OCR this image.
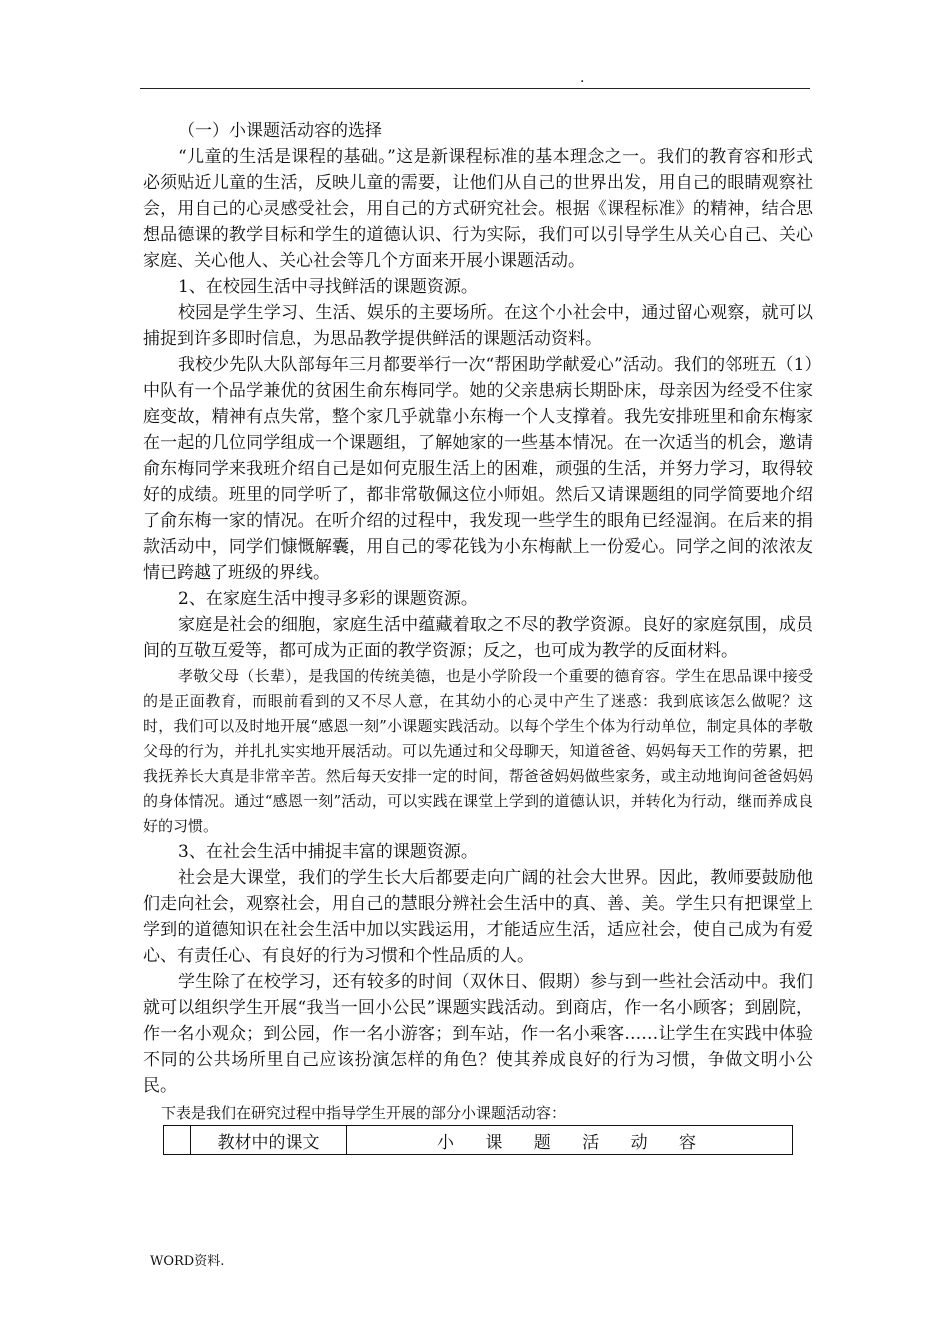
.

（一）小课题活动容的选择

“儿童的生活是课程的基础。”这是新课程标准的基本理念之一。我们的教育容和形式必须贴近儿童的生活，反映儿童的需要，让他们从自己的世界出发，用自己的眼睛观察社会，用自己的心灵感受社会，用自己的方式研究社会。根据《课程标准》的精神，结合思想品德课的教学目标和学生的道德认识、行为实际，我们可以引导学生从关心自己、关心家庭、关心他人、关心社会等几个方面来开展小课题活动。

1、在校园生活中寻找鲜活的课题资源。

校园是学生学习、生活、娱乐的主要场所。在这个小社会中，通过留心观察，就可以捕捉到许多即时信息，为思品教学提供鲜活的课题活动资料。

我校少先队大队部每年三月都要举行一次“帮困助学献爱心”活动。我们的邻班五（1）中队有一个品学兼优的贫困生俞东梅同学。她的父亲患病长期卧床，母亲因为经受不住家庭变故，精神有点失常，整个家几乎就靠小东梅一个人支撑着。我先安排班里和俞东梅家在一起的几位同学组成一个课题组，了解她家的一些基本情况。在一次适当的机会，邀请俞东梅同学来我班介绍自己是如何克服生活上的困难，顽强的生活，并努力学习，取得较好的成绩。班里的同学听了，都非常敬佩这位小师姐。然后又请课题组的同学简要地介绍了俞东梅一家的情况。在听介绍的过程中，我发现一些学生的眼角已经湿润。在后来的捐款活动中，同学们慷慨解囊，用自己的零花钱为小东梅献上一份爱心。同学之间的浓浓友情已跨越了班级的界线。

2、在家庭生活中搜寻多彩的课题资源。

家庭是社会的细胞，家庭生活中蕴藏着取之不尽的教学资源。良好的家庭氛围，成员间的互敬互爱等，都可成为正面的教学资源；反之，也可成为教学的反面材料。

孝敬父母（长辈），是我国的传统美德，也是小学阶段一个重要的德育容。学生在思品课中接受的是正面教育，而眼前看到的又不尽人意，在其幼小的心灵中产生了迷惑：我到底该怎么做呢？这时，我们可以及时地开展“感恩一刻”小课题实践活动。以每个学生个体为行动单位，制定具体的孝敬父母的行为，并扎扎实实地开展活动。可以先通过和父母聊天，知道爸爸、妈妈每天工作的劳累，把我抚养长大真是非常辛苦。然后每天安排一定的时间，帮爸爸妈妈做些家务，或主动地询问爸爸妈妈的身体情况。通过“感恩一刻”活动，可以实践在课堂上学到的道德认识，并转化为行动，继而养成良好的习惯。

3、在社会生活中捕捉丰富的课题资源。

社会是大课堂，我们的学生长大后都要走向广阔的社会大世界。因此，教师要鼓励他们走向社会，观察社会，用自己的慧眼分辨社会生活中的真、善、美。学生只有把课堂上学到的道德知识在社会生活中加以实践运用，才能适应生活，适应社会，使自己成为有爱心、有责任心、有良好的行为习惯和个性品质的人。

学生除了在校学习，还有较多的时间（双休日、假期）参与到一些社会活动中。我们就可以组织学生开展“我当一回小公民”课题实践活动。到商店，作一名小顾客；到剧院，作一名小观众；到公园，作一名小游客；到车站，作一名小乘客……让学生在实践中体验不同的公共场所里自己应该扮演怎样的角色？使其养成良好的行为习惯，争做文明小公民。

下表是我们在研究过程中指导学生开展的部分小课题活动容：

	教材中的课文	小 课 题 活 动 容
WORD资料.
